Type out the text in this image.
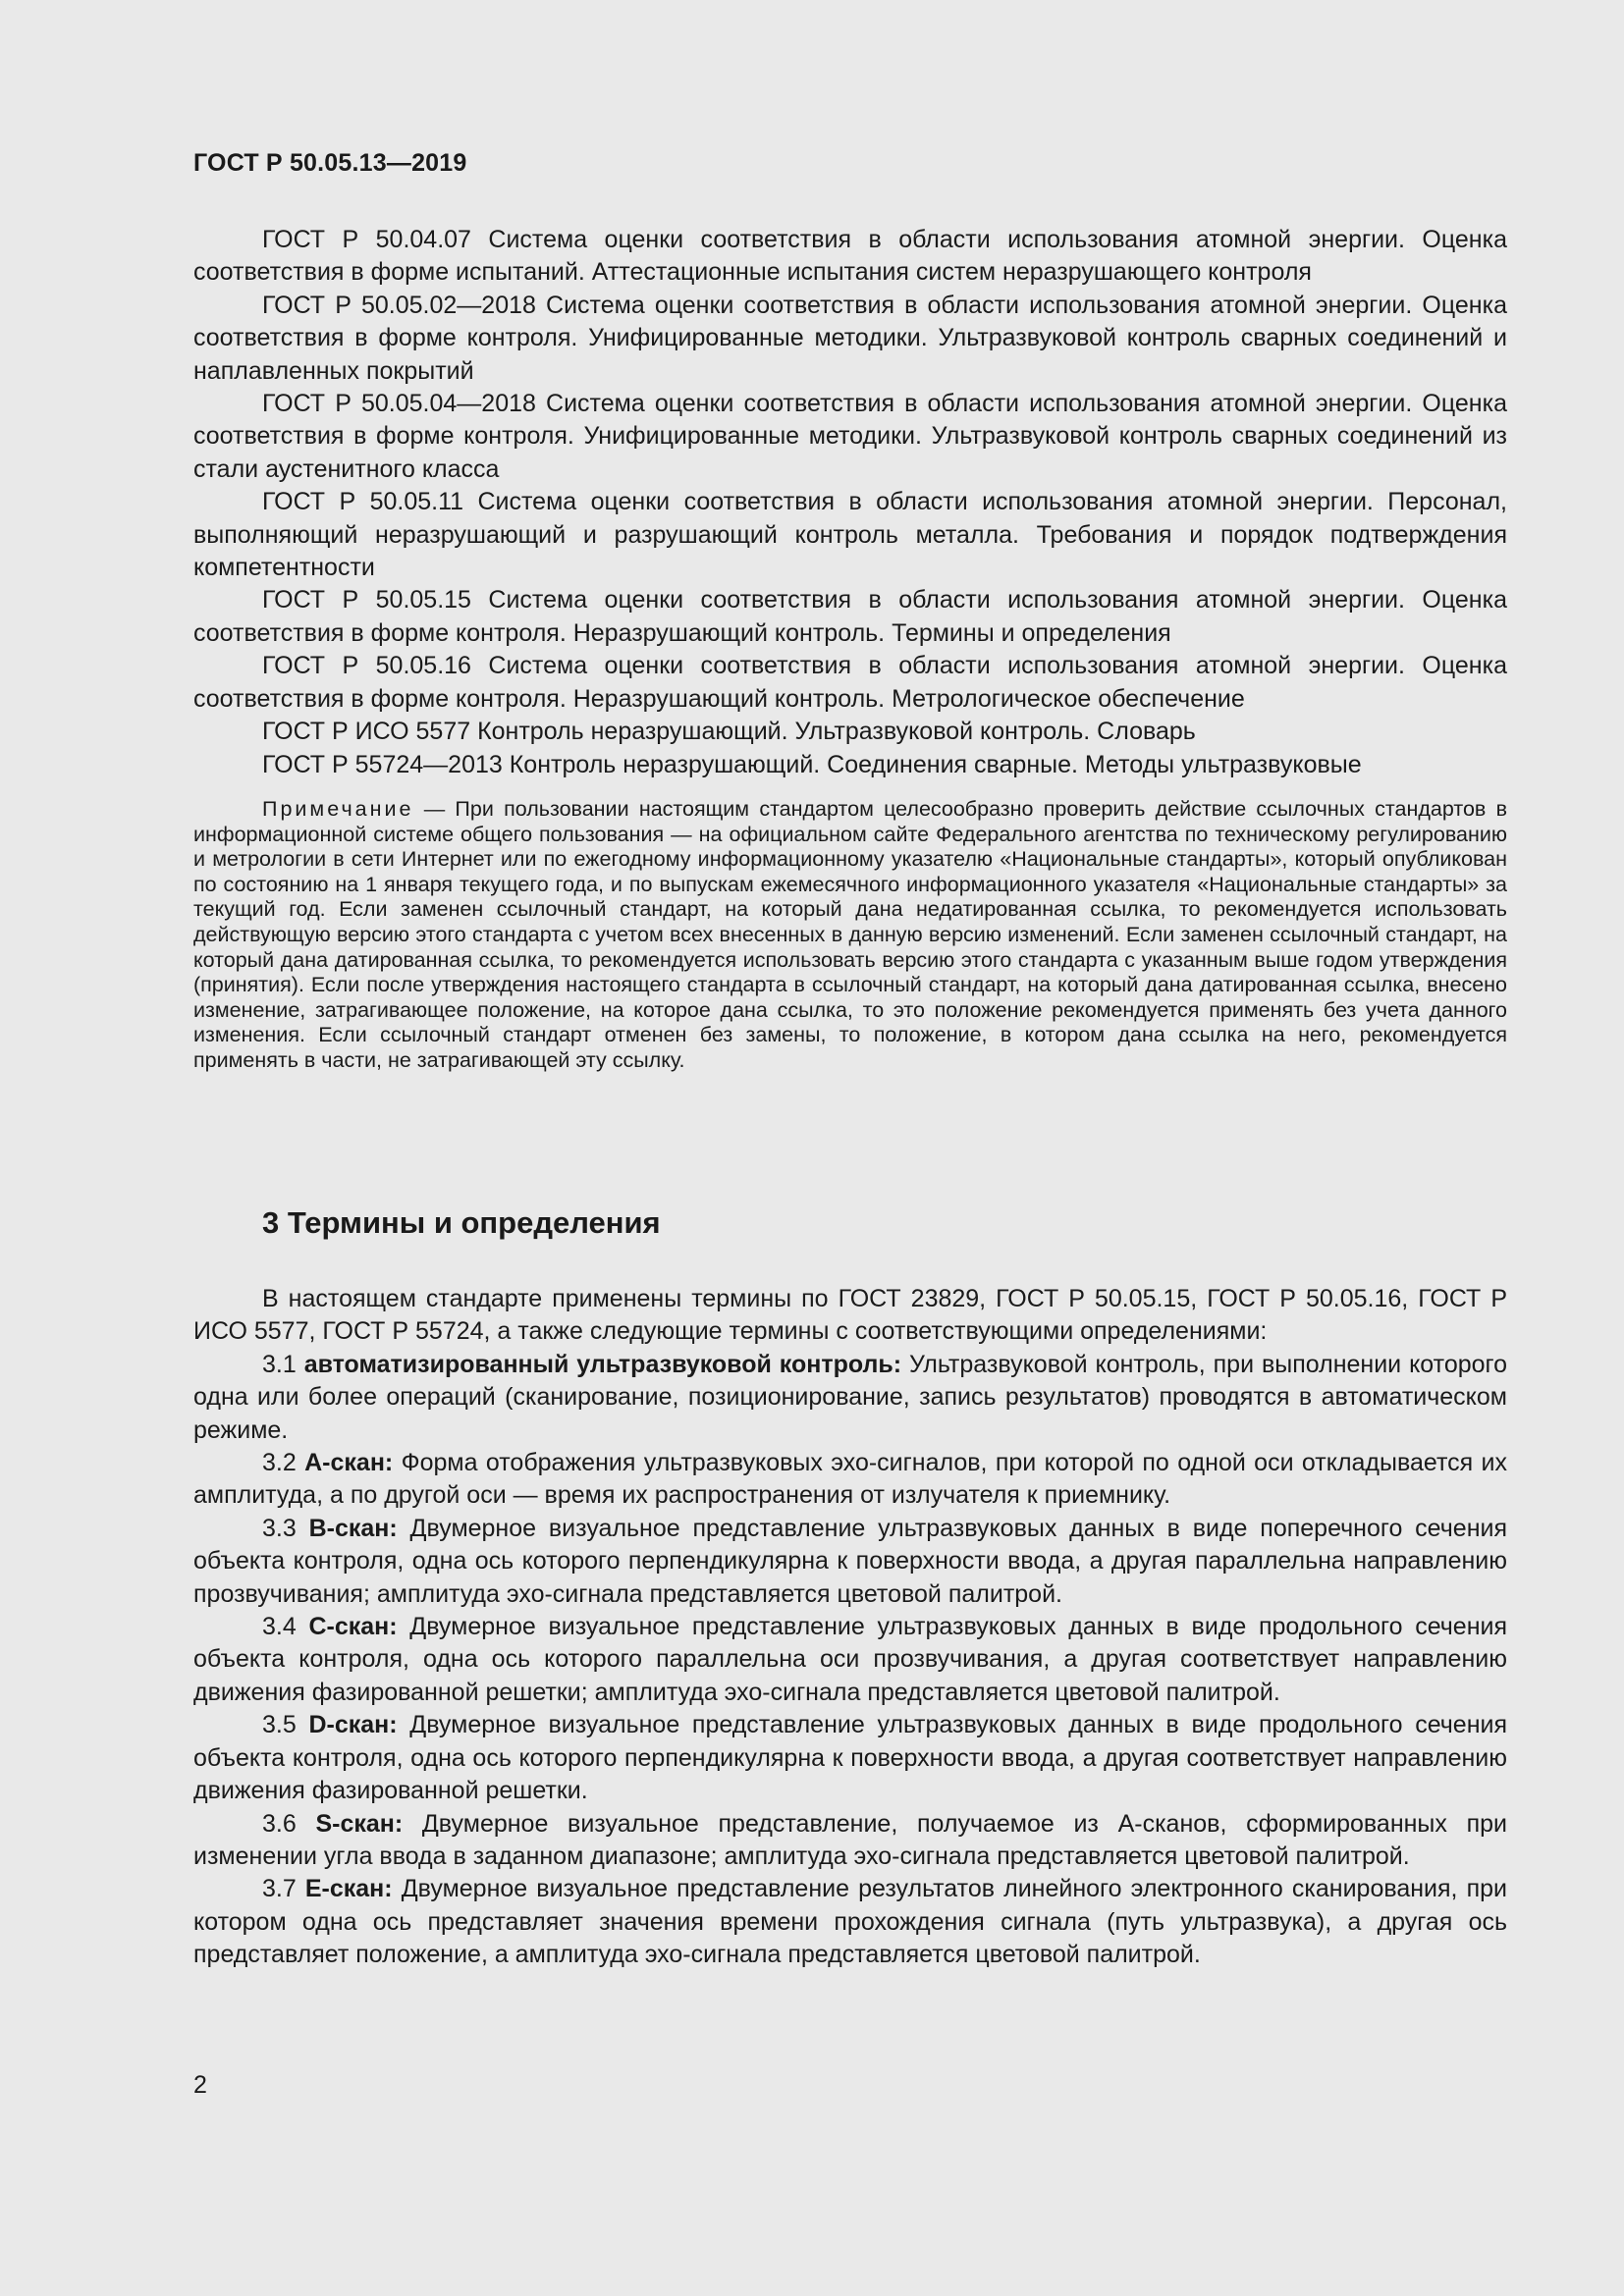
ГОСТ Р 50.05.13—2019

ГОСТ Р 50.04.07 Система оценки соответствия в области использования атомной энергии. Оценка соответствия в форме испытаний. Аттестационные испытания систем неразрушающего контроля

ГОСТ Р 50.05.02—2018 Система оценки соответствия в области использования атомной энергии. Оценка соответствия в форме контроля. Унифицированные методики. Ультразвуковой контроль сварных соединений и наплавленных покрытий

ГОСТ Р 50.05.04—2018 Система оценки соответствия в области использования атомной энергии. Оценка соответствия в форме контроля. Унифицированные методики. Ультразвуковой контроль сварных соединений из стали аустенитного класса

ГОСТ Р 50.05.11 Система оценки соответствия в области использования атомной энергии. Персонал, выполняющий неразрушающий и разрушающий контроль металла. Требования и порядок подтверждения компетентности

ГОСТ Р 50.05.15 Система оценки соответствия в области использования атомной энергии. Оценка соответствия в форме контроля. Неразрушающий контроль. Термины и определения

ГОСТ Р 50.05.16 Система оценки соответствия в области использования атомной энергии. Оценка соответствия в форме контроля. Неразрушающий контроль. Метрологическое обеспечение

ГОСТ Р ИСО 5577 Контроль неразрушающий. Ультразвуковой контроль. Словарь

ГОСТ Р 55724—2013 Контроль неразрушающий. Соединения сварные. Методы ультразвуковые

Примечание — При пользовании настоящим стандартом целесообразно проверить действие ссылочных стандартов в информационной системе общего пользования — на официальном сайте Федерального агентства по техническому регулированию и метрологии в сети Интернет или по ежегодному информационному указателю «Национальные стандарты», который опубликован по состоянию на 1 января текущего года, и по выпускам ежемесячного информационного указателя «Национальные стандарты» за текущий год. Если заменен ссылочный стандарт, на который дана недатированная ссылка, то рекомендуется использовать действующую версию этого стандарта с учетом всех внесенных в данную версию изменений. Если заменен ссылочный стандарт, на который дана датированная ссылка, то рекомендуется использовать версию этого стандарта с указанным выше годом утверждения (принятия). Если после утверждения настоящего стандарта в ссылочный стандарт, на который дана датированная ссылка, внесено изменение, затрагивающее положение, на которое дана ссылка, то это положение рекомендуется применять без учета данного изменения. Если ссылочный стандарт отменен без замены, то положение, в котором дана ссылка на него, рекомендуется применять в части, не затрагивающей эту ссылку.

3 Термины и определения

В настоящем стандарте применены термины по ГОСТ 23829, ГОСТ Р 50.05.15, ГОСТ Р 50.05.16, ГОСТ Р ИСО 5577, ГОСТ Р 55724, а также следующие термины с соответствующими определениями:

3.1 автоматизированный ультразвуковой контроль: Ультразвуковой контроль, при выполнении которого одна или более операций (сканирование, позиционирование, запись результатов) проводятся в автоматическом режиме.

3.2 А-скан: Форма отображения ультразвуковых эхо-сигналов, при которой по одной оси откладывается их амплитуда, а по другой оси — время их распространения от излучателя к приемнику.

3.3 B-скан: Двумерное визуальное представление ультразвуковых данных в виде поперечного сечения объекта контроля, одна ось которого перпендикулярна к поверхности ввода, а другая параллельна направлению прозвучивания; амплитуда эхо-сигнала представляется цветовой палитрой.

3.4 C-скан: Двумерное визуальное представление ультразвуковых данных в виде продольного сечения объекта контроля, одна ось которого параллельна оси прозвучивания, а другая соответствует направлению движения фазированной решетки; амплитуда эхо-сигнала представляется цветовой палитрой.

3.5 D-скан: Двумерное визуальное представление ультразвуковых данных в виде продольного сечения объекта контроля, одна ось которого перпендикулярна к поверхности ввода, а другая соответствует направлению движения фазированной решетки.

3.6 S-скан: Двумерное визуальное представление, получаемое из А-сканов, сформированных при изменении угла ввода в заданном диапазоне; амплитуда эхо-сигнала представляется цветовой палитрой.

3.7 E-скан: Двумерное визуальное представление результатов линейного электронного сканирования, при котором одна ось представляет значения времени прохождения сигнала (путь ультразвука), а другая ось представляет положение, а амплитуда эхо-сигнала представляется цветовой палитрой.

2
